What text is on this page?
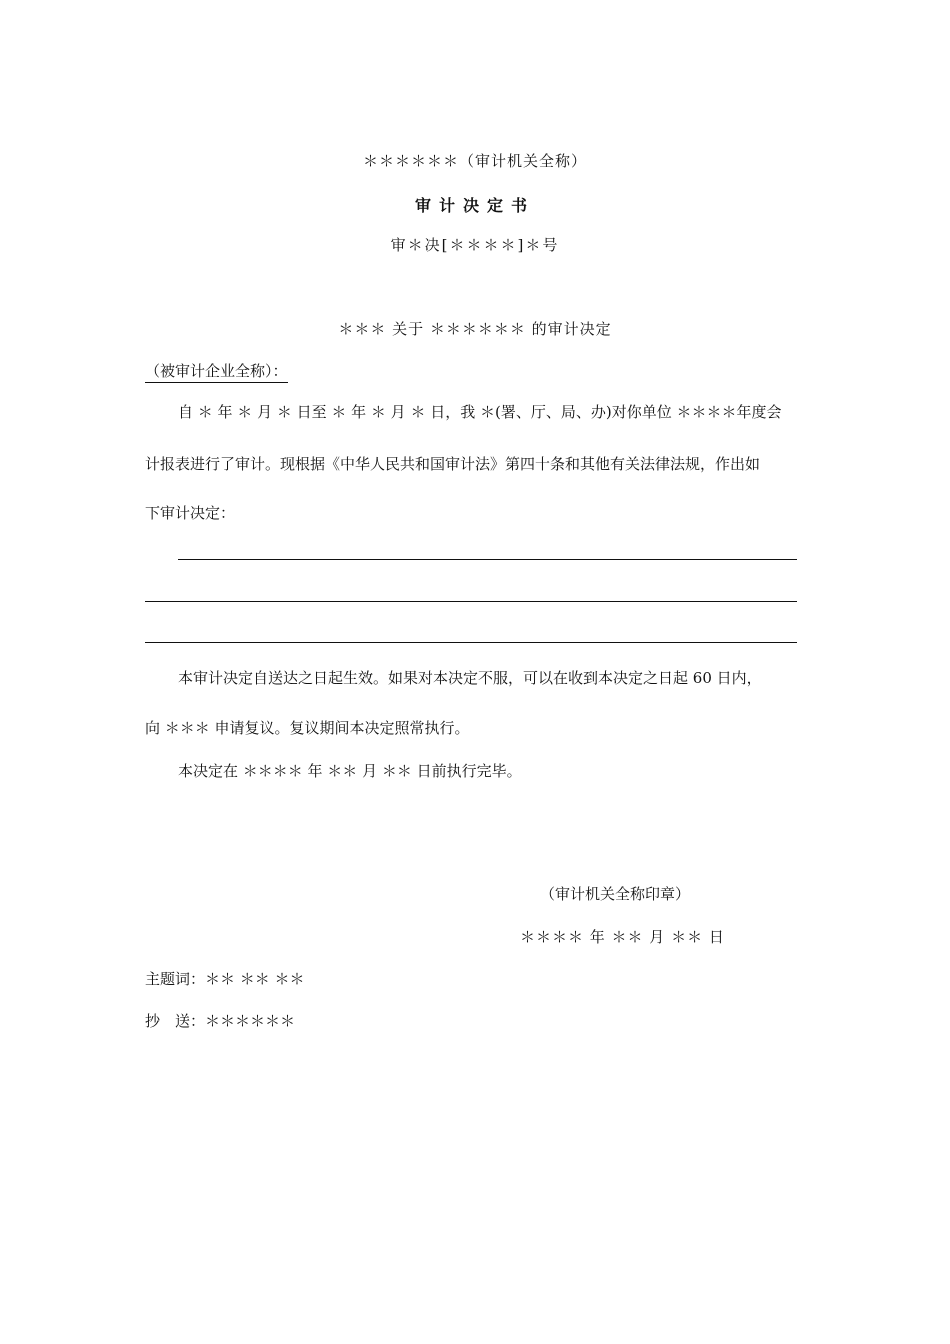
＊＊＊＊＊＊（审计机关全称）
审计决定书
审＊决[＊＊＊＊]＊号
＊＊＊ 关于 ＊＊＊＊＊＊ 的审计决定
（被审计企业全称）：
自 ＊ 年 ＊ 月 ＊ 日至 ＊ 年 ＊ 月 ＊ 日，我 ＊(署、厅、局、办)对你单位 ＊＊＊＊年度会
计报表进行了审计。现根据《中华人民共和国审计法》第四十条和其他有关法律法规，作出如
下审计决定：
本审计决定自送达之日起生效。如果对本决定不服，可以在收到本决定之日起 60 日内，
向 ＊＊＊ 申请复议。复议期间本决定照常执行。
本决定在 ＊＊＊＊ 年 ＊＊ 月 ＊＊ 日前执行完毕。
（审计机关全称印章）
＊＊＊＊ 年 ＊＊ 月 ＊＊ 日
主题词：＊＊ ＊＊ ＊＊
抄　送：＊＊＊＊＊＊
